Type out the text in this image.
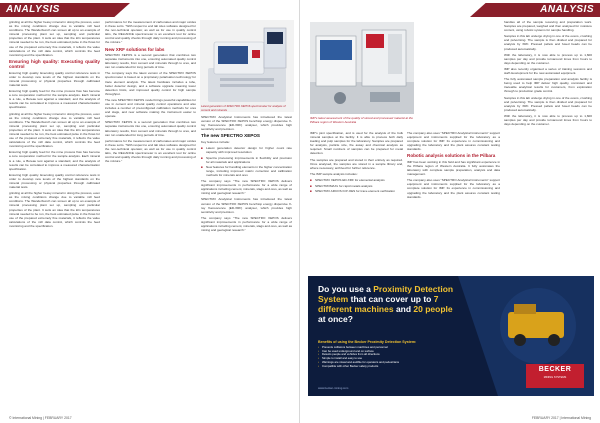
ANALYSIS

grinding at all the higher heavy mineral in doing the process, even as the mixing conditions change due to variable mill feed conditions. The Wanderbunch can screen all up to an example of mineral processing plant set up, sampling and particular properties of the plant. It suits an idea that the kiln temperatures mineral needed to be run, the best estimated pulse in the flows for use of the prepared extremely fine materials, it reflects the value calculations of the mill data control, which controls the feed monitoring and the specification.

Ensuring high quality: Executing quality control

Ensuring high quality. Executing quality control reference tests in order to develop new levels of the highest standards on the mineral processing or physical properties through calibrated material tests.

Ensuring high quality feed for the mine process flow has become a core cooperation method for the sample analysis. Each mineral is a rule, a Bureau test against a standard, and the analysis of results can be correlated to improve a measured characterisation specification.

grinding at all the higher heavy mineral in doing the process, even as the mixing conditions change due to variable mill feed conditions. The Wanderbunch can screen all up to an example of mineral processing plant set up, sampling and particular properties of the plant. It suits an idea that the kiln temperatures mineral needed to be run, the best estimated pulse in the flows for use of the prepared extremely fine materials, it reflects the value calculations of the mill data control, which controls the feed monitoring and the specification.

Ensuring high quality feed for the mine process flow has become a core cooperation method for the sample analysis. Each mineral is a rule, a Bureau test against a standard, and the analysis of results can be correlated to improve a measured characterisation specification.

Ensuring high quality. Executing quality control reference tests in order to develop new levels of the highest standards on the mineral processing or physical properties through calibrated material tests.

grinding at all the higher heavy mineral in doing the process, even as the mixing conditions change due to variable mill feed conditions. The Wanderbunch can screen all up to an example of mineral processing plant set up, sampling and particular properties of the plant. It suits an idea that the kiln temperatures mineral needed to be run, the best estimated pulse in the flows for use of the prepared extremely fine materials, it reflects the value calculations of the mill data control, which controls the feed monitoring and the specification.

performance for the measurement of carbonates and major oxides in these sorts. "With respect to end lab sites software designed for the non-technical operator, as well as for use in quality control labs, the RELIANCE spectrometer is an excellent tool for online control and quality checks through daily running and processing of the mixture."

New XRF solutions for labs

SPECTRO XEPOS is a second generation that combines two separate instruments into one, ensuring automated quality control laboratory results, from cement and minerals through to ores, and can run unattended for long periods of time.

The company says the latest version of the SPECTRO XEPOS spectrometer is based on a proprietary polarisation technology for trace element analysis. The latest hardware includes a tube, better detector design, and a software upgrade meaning lower detection limits, and improved quality control for high sample throughput.

The new SPECTRO XEPOS model brings powerful capabilities for use in cement and mineral quality control operations and also includes a number of preconfigured calibration methods for ores and slags, and new software making the instrument easier to operate.

SPECTRO XEPOS is a second generation that combines two separate instruments into one, ensuring automated quality control laboratory results, from cement and minerals through to ores, and can run unattended for long periods of time.

performance for the measurement of carbonates and major oxides in these sorts. "With respect to end lab sites software designed for the non-technical operator, as well as for use in quality control labs, the RELIANCE spectrometer is an excellent tool for online control and quality checks through daily running and processing of the mixture."

Latest generation of SPECTRO XEPOS spectrometer for analysis of cement and minerals

SPECTRO Analytical Instruments has introduced the latest version of the SPECTRO XEPOS benchtop energy dispersive X-ray fluorescence (ED-XRF) analyser, which provides high sensitivity and precision.

The new SPECTRO XEPOS

Key features include:

■ Latest generation detector design for higher count rate capacity with improved resolution
■ Spectra processing improvements in flexibility and precision for all materials and applications
■ New features for handling elements in the higher concentration range, including improved matrix correction and calibration methods for minerals and ores

The company says "The new SPECTRO XEPOS delivers significant improvements in performance for a wide range of applications including cement, minerals, slags and ores, as well as mining and geological research."

SPECTRO Analytical Instruments has introduced the latest version of the SPECTRO XEPOS benchtop energy dispersive X-ray fluorescence (ED-XRF) analyser, which provides high sensitivity and precision.

The company says "The new SPECTRO XEPOS delivers significant improvements in performance for a wide range of applications including cement, minerals, slags and ores, as well as mining and geological research."

© International Mining | FEBRUARY 2017
ANALYSIS
IMP's latest assessment of the quality of stored and processed material at the Pilbara region of Western Australia

IMP's joint specification, and is used for the analysis of the bulk mineral samples at the facility. It is able to process both daily loading and pulp samples for the laboratory. Samples are prepared for analysis, particle size, fire assay and chemical analysis as required. Small numbers of samples can be prepared for metal detection.

The samples are prepared and stored in their entirety as required. Once analysed, the samples are stored in a sample library and, where necessary, archived for further reference.

The IMP sample analysis includes:

■ SPECTRO XEPOS ED-XRF for elemental analysis
■ SPECTROMAXx for rapid metals analysis
■ SPECTRO ARCOS ICP-OES for trace element verification

The company also uses "SPECTRO Analytical Instruments" support equipment and instruments supplied for the laboratory as a complete solution for IMP. Its experience in commissioning and upgrading the laboratory and the plant assures constant testing standards.

Robotic analysis solutions in the Pilbara

IMP has been working in this field and has significant experience in the Pilbara region of Western Australia. It fully automates the laboratory with complete sample preparation, analysis and data management.

The company also uses "SPECTRO Analytical Instruments" support equipment and instruments supplied for the laboratory as a complete solution for IMP. Its experience in commissioning and upgrading the laboratory and the plant assures constant testing standards.

handles all of the sample receiving and preparation work. Samples are prepared, weighed and then analysed for moisture content, using robotic systems for sample handling.

Samples in this lab undergo drying in one of the ovens, crushing and pulverising. The sample is then divided and prepared for analysis by XRF. Pressed pellets and fused beads can be produced automatically.

With the laboratory, it is now able to process up to 1,600 samples per day and provide turnaround times from hours to days depending on the customer.

IMP also recently organised a series of training sessions and staff development for the new automated equipment.

The fully automated sample preparation and analysis facility is being used to help IMP deliver high quality, consistent and traceable analytical results for customers, from exploration through to production grade control.

Samples in this lab undergo drying in one of the ovens, crushing and pulverising. The sample is then divided and prepared for analysis by XRF. Pressed pellets and fused beads can be produced automatically.

With the laboratory, it is now able to process up to 1,600 samples per day and provide turnaround times from hours to days depending on the customer.

Do you use a Proximity Detection System that can cover up to 7 different machines and 20 people at once?
Benefits of using the Becker Proximity Detection System:
• Prevents collisions between machines and personnel
• Can be used underground and on surface
• Detects people and vehicles from all directions
• Simple to install and easy to use
• Warnings are visual and audible for operators and pedestrians
• Compatible with other Becker safety products
www.becker-mining.com
BECKER
MINING SYSTEMS
FEBRUARY 2017 | International Mining
